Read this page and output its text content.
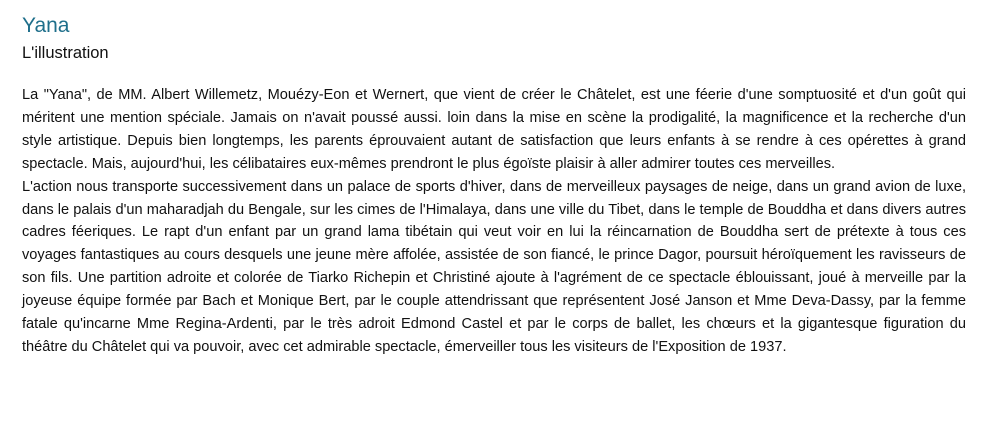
Yana
L'illustration

La "Yana", de MM. Albert Willemetz, Mouézy-Eon et Wernert, que vient de créer le Châtelet, est une féerie d'une somptuosité et d'un goût qui méritent une mention spéciale. Jamais on n'avait poussé aussi. loin dans la mise en scène la prodigalité, la magnificence et la recherche d'un style artistique. Depuis bien longtemps, les parents éprouvaient autant de satisfaction que leurs enfants à se rendre à ces opérettes à grand spectacle. Mais, aujourd'hui, les célibataires eux-mêmes prendront le plus égoïste plaisir à aller admirer toutes ces merveilles.

L'action nous transporte successivement dans un palace de sports d'hiver, dans de merveilleux paysages de neige, dans un grand avion de luxe, dans le palais d'un maharadjah du Bengale, sur les cimes de l'Himalaya, dans une ville du Tibet, dans le temple de Bouddha et dans divers autres cadres féeriques. Le rapt d'un enfant par un grand lama tibétain qui veut voir en lui la réincarnation de Bouddha sert de prétexte à tous ces voyages fantastiques au cours desquels une jeune mère affolée, assistée de son fiancé, le prince Dagor, poursuit héroïquement les ravisseurs de son fils. Une partition adroite et colorée de Tiarko Richepin et Christiné ajoute à l'agrément de ce spectacle éblouissant, joué à merveille par la joyeuse équipe formée par Bach et Monique Bert, par le couple attendrissant que représentent José Janson et Mme Deva-Dassy, par la femme fatale qu'incarne Mme Regina-Ardenti, par le très adroit Edmond Castel et par le corps de ballet, les chœurs et la gigantesque figuration du théâtre du Châtelet qui va pouvoir, avec cet admirable spectacle, émerveiller tous les visiteurs de l'Exposition de 1937.
